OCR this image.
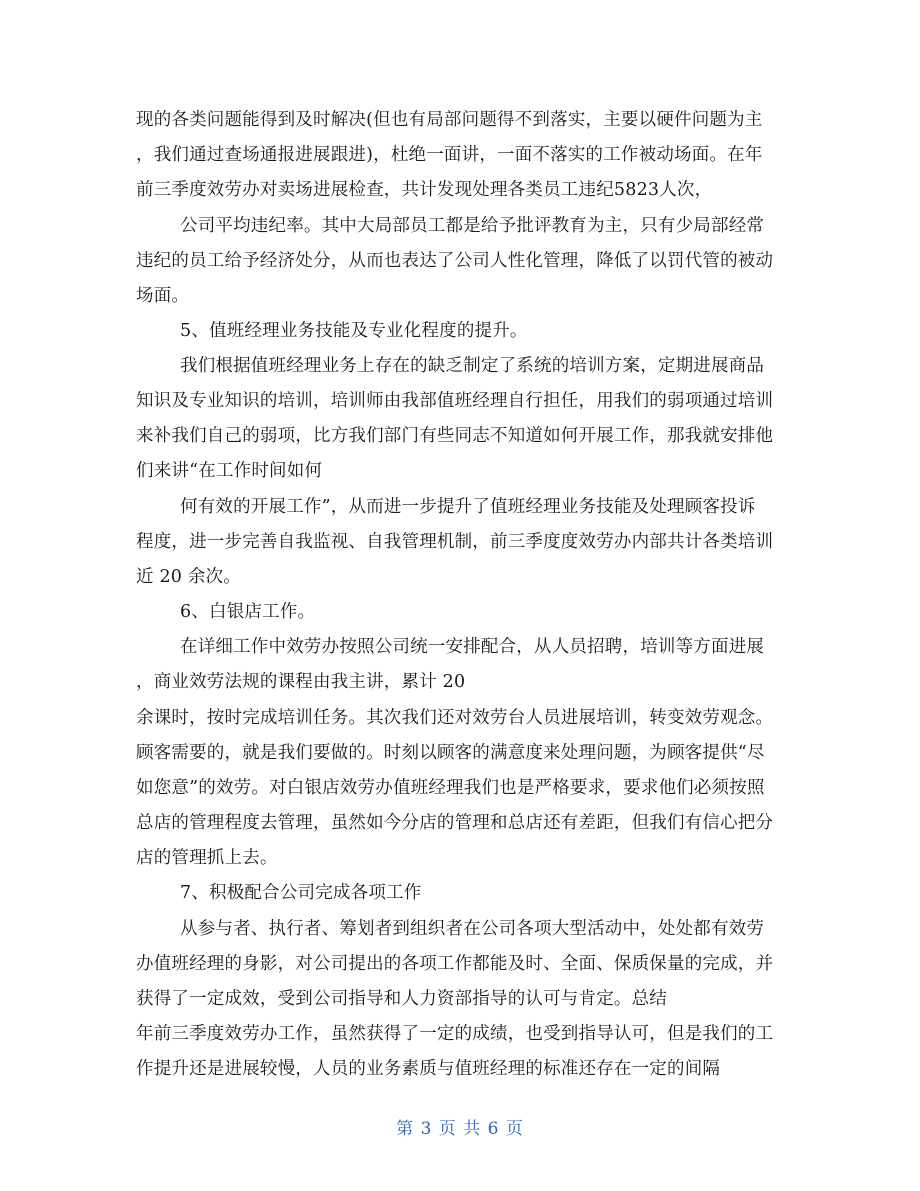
现的各类问题能得到及时解决(但也有局部问题得不到落实，主要以硬件问题为主
，我们通过查场通报进展跟进)，杜绝一面讲，一面不落实的工作被动场面。在年
前三季度效劳办对卖场进展检查，共计发现处理各类员工违纪5823人次，
公司平均违纪率。其中大局部员工都是给予批评教育为主，只有少局部经常
违纪的员工给予经济处分，从而也表达了公司人性化管理，降低了以罚代管的被动
场面。
5、值班经理业务技能及专业化程度的提升。
我们根据值班经理业务上存在的缺乏制定了系统的培训方案，定期进展商品
知识及专业知识的培训，培训师由我部值班经理自行担任，用我们的弱项通过培训
来补我们自己的弱项，比方我们部门有些同志不知道如何开展工作，那我就安排他
们来讲“在工作时间如何
何有效的开展工作”，从而进一步提升了值班经理业务技能及处理顾客投诉
程度，进一步完善自我监视、自我管理机制，前三季度度效劳办内部共计各类培训
近 20 余次。
6、白银店工作。
在详细工作中效劳办按照公司统一安排配合，从人员招聘，培训等方面进展
，商业效劳法规的课程由我主讲，累计 20
余课时，按时完成培训任务。其次我们还对效劳台人员进展培训，转变效劳观念。
顾客需要的，就是我们要做的。时刻以顾客的满意度来处理问题，为顾客提供“尽
如您意”的效劳。对白银店效劳办值班经理我们也是严格要求，要求他们必须按照
总店的管理程度去管理，虽然如今分店的管理和总店还有差距，但我们有信心把分
店的管理抓上去。
7、积极配合公司完成各项工作
从参与者、执行者、筹划者到组织者在公司各项大型活动中，处处都有效劳
办值班经理的身影，对公司提出的各项工作都能及时、全面、保质保量的完成，并
获得了一定成效，受到公司指导和人力资部指导的认可与肯定。总结
年前三季度效劳办工作，虽然获得了一定的成绩，也受到指导认可，但是我们的工
作提升还是进展较慢，人员的业务素质与值班经理的标准还存在一定的间隔
第 3 页 共 6 页
